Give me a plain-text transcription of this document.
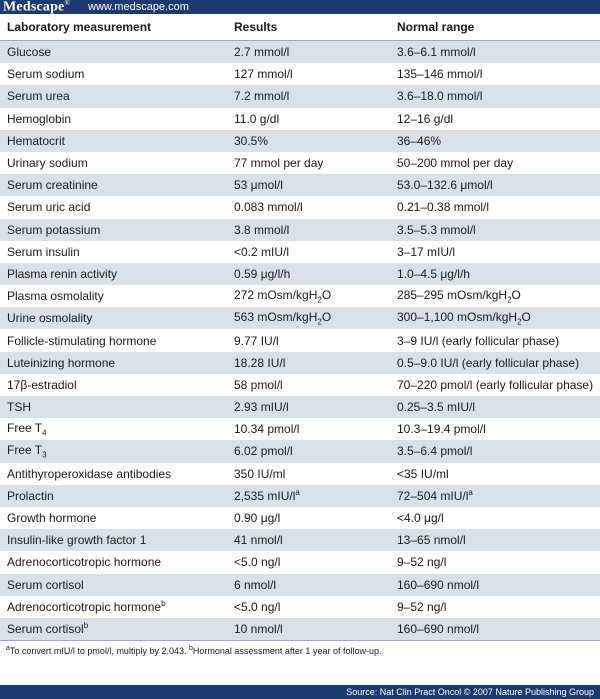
Medscape® www.medscape.com
Laboratory measurement	Results	Normal range
Glucose	2.7 mmol/l	3.6–6.1 mmol/l
Serum sodium	127 mmol/l	135–146 mmol/l
Serum urea	7.2 mmol/l	3.6–18.0 mmol/l
Hemoglobin	11.0 g/dl	12–16 g/dl
Hematocrit	30.5%	36–46%
Urinary sodium	77 mmol per day	50–200 mmol per day
Serum creatinine	53 μmol/l	53.0–132.6 μmol/l
Serum uric acid	0.083 mmol/l	0.21–0.38 mmol/l
Serum potassium	3.8 mmol/l	3.5–5.3 mmol/l
Serum insulin	<0.2 mIU/l	3–17 mIU/l
Plasma renin activity	0.59 μg/l/h	1.0–4.5 μg/l/h
Plasma osmolality	272 mOsm/kgH$_2$O	285–295 mOsm/kgH$_2$O
Urine osmolality	563 mOsm/kgH$_2$O	300–1,100 mOsm/kgH$_2$O
Follicle-stimulating hormone	9.77 IU/l	3–9 IU/l (early follicular phase)
Luteinizing hormone	18.28 IU/l	0.5–9.0 IU/l (early follicular phase)
17β-estradiol	58 pmol/l	70–220 pmol/l (early follicular phase)
TSH	2.93 mIU/l	0.25–3.5 mIU/l
Free $T_4$	10.34 pmol/l	10.3–19.4 pmol/l
Free $T_3$	6.02 pmol/l	3.5–6.4 pmol/l
Antithyroperoxidase antibodies	350 IU/ml	<35 IU/ml
Prolactin	2,535 mIU/$l^a$	72–504 mIU/$l^a$
Growth hormone	0.90 μg/l	<4.0 μg/l
Insulin-like growth factor 1	41 nmol/l	13–65 nmol/l
Adrenocorticotropic hormone	<5.0 ng/l	9–52 ng/l
Serum cortisol	6 nmol/l	160–690 nmol/l
Adrenocorticotropic hormone$^b$	<5.0 ng/l	9–52 ng/l
Serum cortisol$^b$	10 nmol/l	160–690 nmol/l
$^a$To convert mIU/l to pmol/l, multiply by 2.043. $^b$Hormonal assessment after 1 year of follow-up.
Source: Nat Clin Pract Oncol © 2007 Nature Publishing Group
